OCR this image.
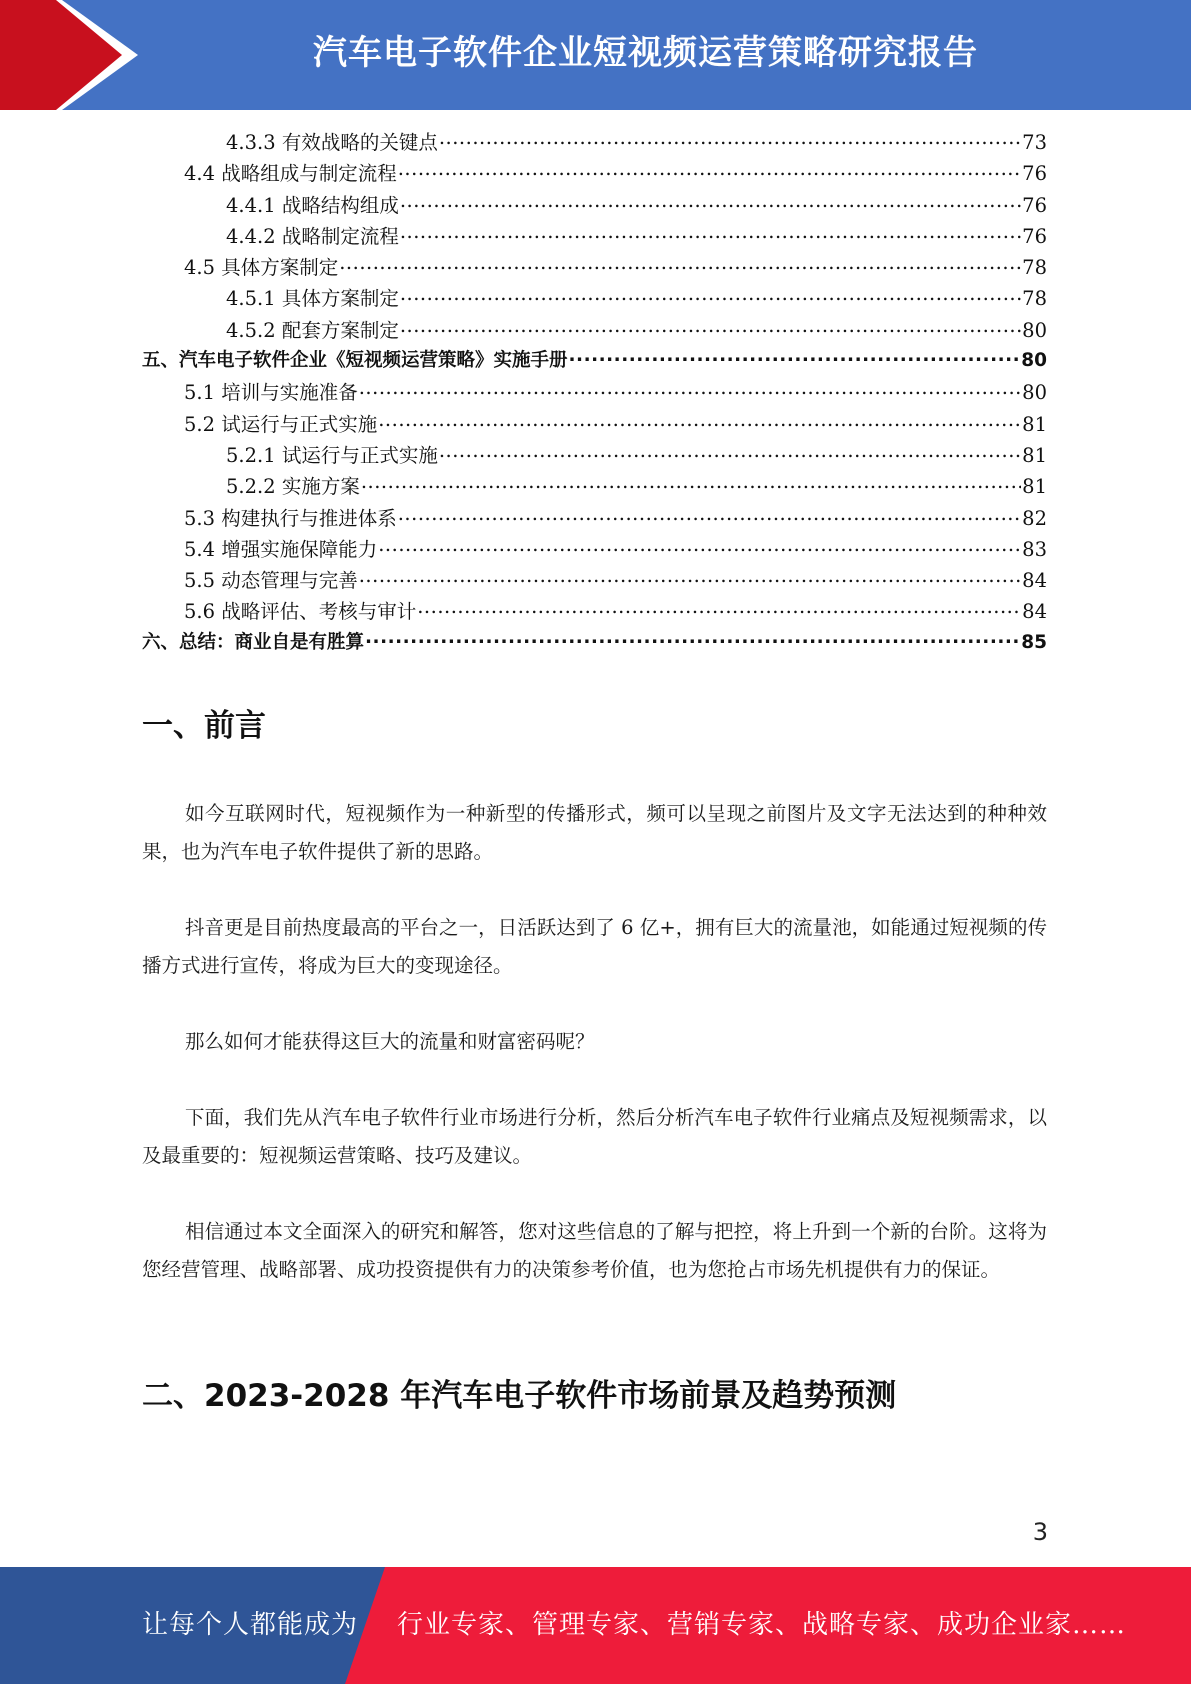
汽车电子软件企业短视频运营策略研究报告
4.3.3 有效战略的关键点 .....	73
4.4 战略组成与制定流程 .....	76
4.4.1 战略结构组成 .....	76
4.4.2 战略制定流程 .....	76
4.5 具体方案制定 .....	78
4.5.1 具体方案制定 .....	78
4.5.2 配套方案制定 .....	80
五、汽车电子软件企业《短视频运营策略》实施手册 .....	80
5.1 培训与实施准备 .....	80
5.2 试运行与正式实施 .....	81
5.2.1 试运行与正式实施 .....	81
5.2.2 实施方案 .....	81
5.3 构建执行与推进体系 .....	82
5.4 增强实施保障能力 .....	83
5.5 动态管理与完善 .....	84
5.6 战略评估、考核与审计 .....	84
六、总结：商业自是有胜算 .....	85
一、前言
如今互联网时代，短视频作为一种新型的传播形式，频可以呈现之前图片及文字无法达到的种种效果，也为汽车电子软件提供了新的思路。
抖音更是目前热度最高的平台之一，日活跃达到了 6 亿+，拥有巨大的流量池，如能通过短视频的传播方式进行宣传，将成为巨大的变现途径。
那么如何才能获得这巨大的流量和财富密码呢？
下面，我们先从汽车电子软件行业市场进行分析，然后分析汽车电子软件行业痛点及短视频需求，以及最重要的：短视频运营策略、技巧及建议。
相信通过本文全面深入的研究和解答，您对这些信息的了解与把控，将上升到一个新的台阶。这将为您经营管理、战略部署、成功投资提供有力的决策参考价值，也为您抢占市场先机提供有力的保证。
二、2023-2028 年汽车电子软件市场前景及趋势预测
3
让每个人都能成为 行业专家、管理专家、营销专家、战略专家、成功企业家……
